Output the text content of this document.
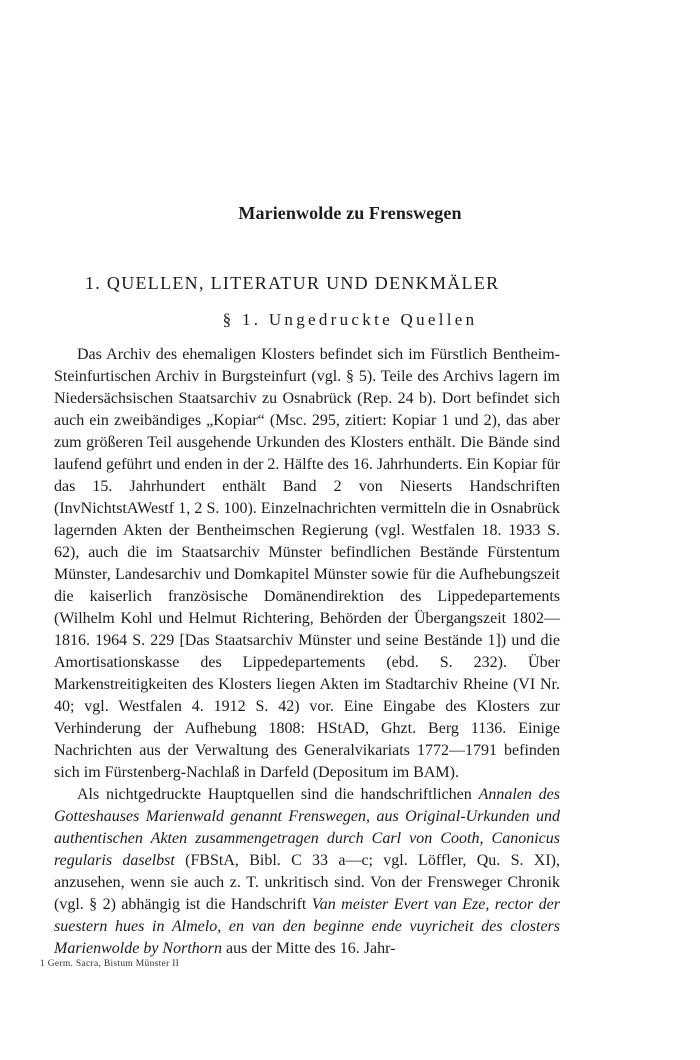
Marienwolde zu Frenswegen
1. QUELLEN, LITERATUR UND DENKMÄLER
§ 1. Ungedruckte Quellen

Das Archiv des ehemaligen Klosters befindet sich im Fürstlich Bentheim-Steinfurtischen Archiv in Burgsteinfurt (vgl. § 5). Teile des Archivs lagern im Niedersächsischen Staatsarchiv zu Osnabrück (Rep. 24 b). Dort befindet sich auch ein zweibändiges „Kopiar“ (Msc. 295, zitiert: Kopiar 1 und 2), das aber zum größeren Teil ausgehende Urkunden des Klosters enthält. Die Bände sind laufend geführt und enden in der 2. Hälfte des 16. Jahrhunderts. Ein Kopiar für das 15. Jahrhundert enthält Band 2 von Nieserts Handschriften (InvNichtstAWestf 1, 2 S. 100). Einzelnachrichten vermitteln die in Osnabrück lagernden Akten der Bentheimschen Regierung (vgl. Westfalen 18. 1933 S. 62), auch die im Staatsarchiv Münster befindlichen Bestände Fürstentum Münster, Landesarchiv und Domkapitel Münster sowie für die Aufhebungszeit die kaiserlich französische Domänendirektion des Lippedepartements (Wilhelm Kohl und Helmut Richtering, Behörden der Übergangszeit 1802—1816. 1964 S. 229 [Das Staatsarchiv Münster und seine Bestände 1]) und die Amortisationskasse des Lippedepartements (ebd. S. 232). Über Markenstreitigkeiten des Klosters liegen Akten im Stadtarchiv Rheine (VI Nr. 40; vgl. Westfalen 4. 1912 S. 42) vor. Eine Eingabe des Klosters zur Verhinderung der Aufhebung 1808: HStAD, Ghzt. Berg 1136. Einige Nachrichten aus der Verwaltung des Generalvikariats 1772—1791 befinden sich im Fürstenberg-Nachlaß in Darfeld (Depositum im BAM).

Als nichtgedruckte Hauptquellen sind die handschriftlichen Annalen des Gotteshauses Marienwald genannt Frenswegen, aus Original-Urkunden und authentischen Akten zusammengetragen durch Carl von Cooth, Canonicus regularis daselbst (FBStA, Bibl. C 33 a—c; vgl. Löffler, Qu. S. XI), anzusehen, wenn sie auch z. T. unkritisch sind. Von der Frensweger Chronik (vgl. § 2) abhängig ist die Handschrift Van meister Evert van Eze, rector der suestern hues in Almelo, en van den beginne ende vuyricheit des closters Marienwolde by Northorn aus der Mitte des 16. Jahr-

1 Germ. Sacra, Bistum Münster II
